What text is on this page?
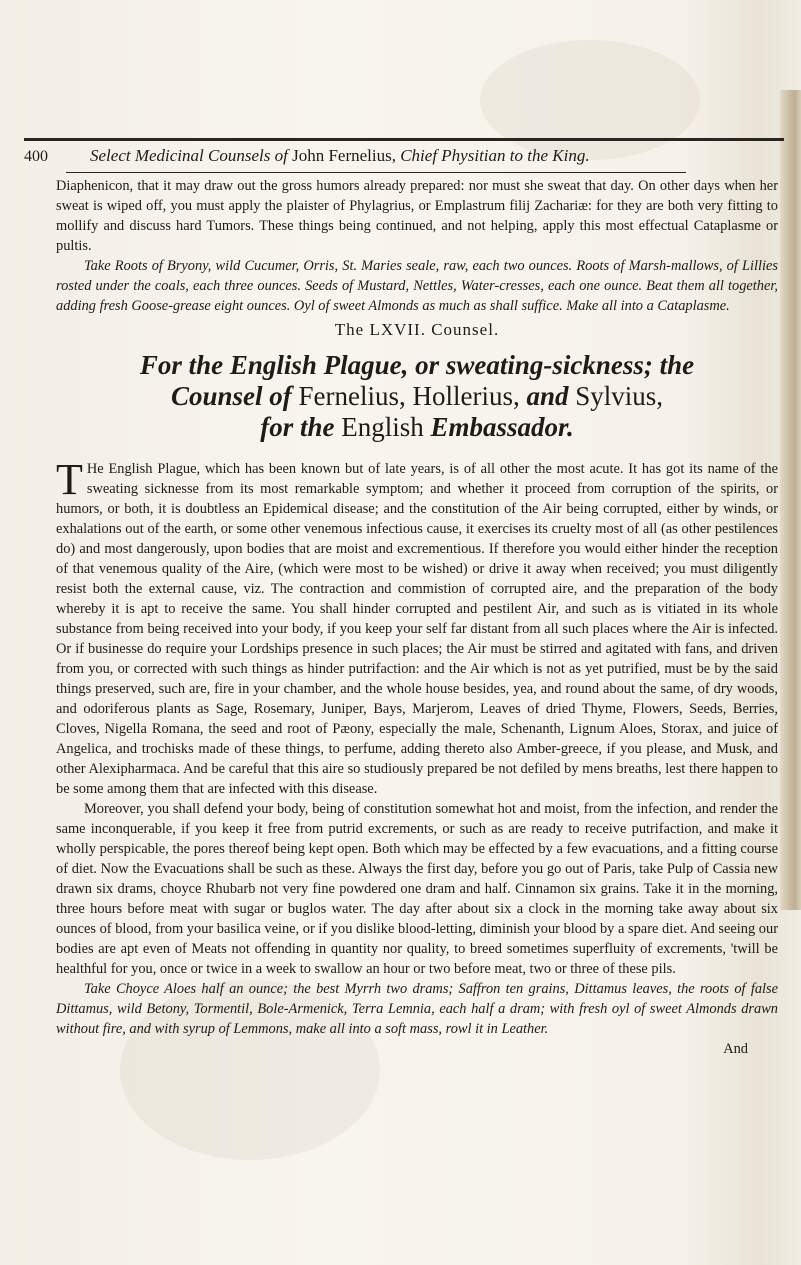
400 Select Medicinal Counsels of John Fernelius, Chief Physitian to the King.

Diaphenicon, that it may draw out the gross humors already prepared: nor must she sweat that day. On other days when her sweat is wiped off, you must apply the plaister of Phylagrius, or Emplastrum filij Zachariæ: for they are both very fitting to mollify and discuss hard Tumors. These things being continued, and not helping, apply this most effectual Cataplasme or pultis.

Take Roots of Bryony, wild Cucumer, Orris, St. Maries seale, raw, each two ounces. Roots of Marsh-mallows, of Lillies rosted under the coals, each three ounces. Seeds of Mustard, Nettles, Water-cresses, each one ounce. Beat them all together, adding fresh Goose-grease eight ounces. Oyl of sweet Almonds as much as shall suffice. Make all into a Cataplasme.

The LXVII. Counsel.
For the English Plague, or sweating-sickness; the
Counsel of Fernelius, Hollerius, and Sylvius,
for the English Embassador.

T He English Plague, which has been known but of late years, is of all other the most acute. It has got its name of the sweating sicknesse from its most remarkable symptom; and whether it proceed from corruption of the spirits, or humors, or both, it is doubtless an Epidemical disease; and the constitution of the Air being corrupted, either by winds, or exhalations out of the earth, or some other venemous infectious cause, it exercises its cruelty most of all (as other pestilences do) and most dangerously, upon bodies that are moist and excrementious. If therefore you would either hinder the reception of that venemous quality of the Aire, (which were most to be wished) or drive it away when received; you must diligently resist both the external cause, viz. The contraction and commistion of corrupted aire, and the preparation of the body whereby it is apt to receive the same. You shall hinder corrupted and pestilent Air, and such as is vitiated in its whole substance from being received into your body, if you keep your self far distant from all such places where the Air is infected. Or if businesse do require your Lordships presence in such places; the Air must be stirred and agitated with fans, and driven from you, or corrected with such things as hinder putrifaction: and the Air which is not as yet putrified, must be by the said things preserved, such are, fire in your chamber, and the whole house besides, yea, and round about the same, of dry woods, and odoriferous plants as Sage, Rosemary, Juniper, Bays, Marjerom, Leaves of dried Thyme, Flowers, Seeds, Berries, Cloves, Nigella Romana, the seed and root of Pæony, especially the male, Schenanth, Lignum Aloes, Storax, and juice of Angelica, and trochisks made of these things, to perfume, adding thereto also Amber-greece, if you please, and Musk, and other Alexipharmaca. And be careful that this aire so studiously prepared be not defiled by mens breaths, lest there happen to be some among them that are infected with this disease.

Moreover, you shall defend your body, being of constitution somewhat hot and moist, from the infection, and render the same inconquerable, if you keep it free from putrid excrements, or such as are ready to receive putrifaction, and make it wholly perspicable, the pores thereof being kept open. Both which may be effected by a few evacuations, and a fitting course of diet. Now the Evacuations shall be such as these. Always the first day, before you go out of Paris, take Pulp of Cassia new drawn six drams, choyce Rhubarb not very fine powdered one dram and half. Cinnamon six grains. Take it in the morning, three hours before meat with sugar or buglos water. The day after about six a clock in the morning take away about six ounces of blood, from your basilica veine, or if you dislike blood-letting, diminish your blood by a spare diet. And seeing our bodies are apt even of Meats not offending in quantity nor quality, to breed sometimes superfluity of excrements, 'twill be healthful for you, once or twice in a week to swallow an hour or two before meat, two or three of these pils.

Take Choyce Aloes half an ounce; the best Myrrh two drams; Saffron ten grains, Dittamus leaves, the roots of false Dittamus, wild Betony, Tormentil, Bole-Armenick, Terra Lemnia, each half a dram; with fresh oyl of sweet Almonds drawn without fire, and with syrup of Lemmons, make all into a soft mass, rowl it in Leather.

And
